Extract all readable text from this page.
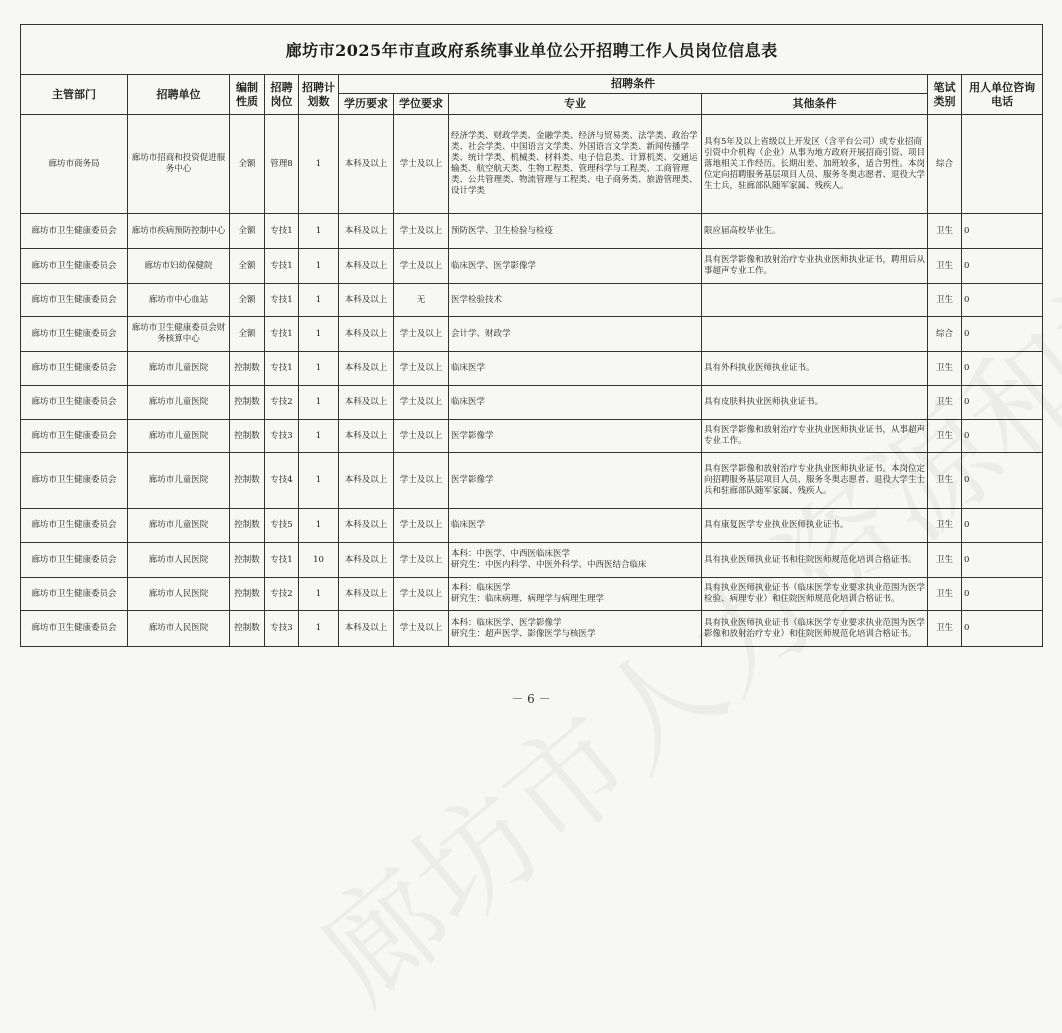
廊坊市2025年市直政府系统事业单位公开招聘工作人员岗位信息表										
主管部门	招聘单位	编制性质	招聘岗位	招聘计划数	招聘条件				笔试类别	用人单位咨询电话
					学历要求	学位要求	专业	其他条件		
廊坊市商务局	廊坊市招商和投资促进服务中心	全额	管理8	1	本科及以上	学士及以上	经济学类、财政学类、金融学类、经济与贸易类、法学类、政治学类、社会学类、中国语言文学类、外国语言文学类、新闻传播学类、统计学类、机械类、材料类、电子信息类、计算机类、交通运输类、航空航天类、生物工程类、管理科学与工程类、工商管理类、公共管理类、物流管理与工程类、电子商务类、旅游管理类、设计学类	具有5年及以上省级以上开发区（含平台公司）或专业招商引资中介机构（企业）从事为地方政府开展招商引资、项目落地相关工作经历。长期出差、加班较多，适合男性。本岗位定向招聘服务基层项目人员、服务冬奥志愿者、退役大学生士兵，驻廊部队随军家属、残疾人。	综合	
廊坊市卫生健康委员会	廊坊市疾病预防控制中心	全额	专技1	1	本科及以上	学士及以上	预防医学、卫生检验与检疫	限应届高校毕业生。	卫生	0
廊坊市卫生健康委员会	廊坊市妇幼保健院	全额	专技1	1	本科及以上	学士及以上	临床医学、医学影像学	具有医学影像和放射治疗专业执业医师执业证书，聘用后从事超声专业工作。	卫生	0
廊坊市卫生健康委员会	廊坊市中心血站	全额	专技1	1	本科及以上	无	医学检验技术		卫生	0
廊坊市卫生健康委员会	廊坊市卫生健康委员会财务核算中心	全额	专技1	1	本科及以上	学士及以上	会计学、财政学		综合	0
廊坊市卫生健康委员会	廊坊市儿童医院	控制数	专技1	1	本科及以上	学士及以上	临床医学	具有外科执业医师执业证书。	卫生	0
廊坊市卫生健康委员会	廊坊市儿童医院	控制数	专技2	1	本科及以上	学士及以上	临床医学	具有皮肤科执业医师执业证书。	卫生	0
廊坊市卫生健康委员会	廊坊市儿童医院	控制数	专技3	1	本科及以上	学士及以上	医学影像学	具有医学影像和放射治疗专业执业医师执业证书，从事超声专业工作。	卫生	0
廊坊市卫生健康委员会	廊坊市儿童医院	控制数	专技4	1	本科及以上	学士及以上	医学影像学	具有医学影像和放射治疗专业执业医师执业证书。本岗位定向招聘服务基层项目人员、服务冬奥志愿者、退役大学生士兵和驻廊部队随军家属、残疾人。	卫生	0
廊坊市卫生健康委员会	廊坊市儿童医院	控制数	专技5	1	本科及以上	学士及以上	临床医学	具有康复医学专业执业医师执业证书。	卫生	0
廊坊市卫生健康委员会	廊坊市人民医院	控制数	专技1	10	本科及以上	学士及以上	本科：中医学、中西医临床医学
研究生：中医内科学、中医外科学、中西医结合临床	具有执业医师执业证书和住院医师规范化培训合格证书。	卫生	0
廊坊市卫生健康委员会	廊坊市人民医院	控制数	专技2	1	本科及以上	学士及以上	本科：临床医学
研究生：临床病理、病理学与病理生理学	具有执业医师执业证书（临床医学专业要求执业范围为医学检验、病理专业）和住院医师规范化培训合格证书。	卫生	0
廊坊市卫生健康委员会	廊坊市人民医院	控制数	专技3	1	本科及以上	学士及以上	本科：临床医学、医学影像学
研究生：超声医学、影像医学与核医学	具有执业医师执业证书（临床医学专业要求执业范围为医学影像和放射治疗专业）和住院医师规范化培训合格证书。	卫生	0
－ 6 －
